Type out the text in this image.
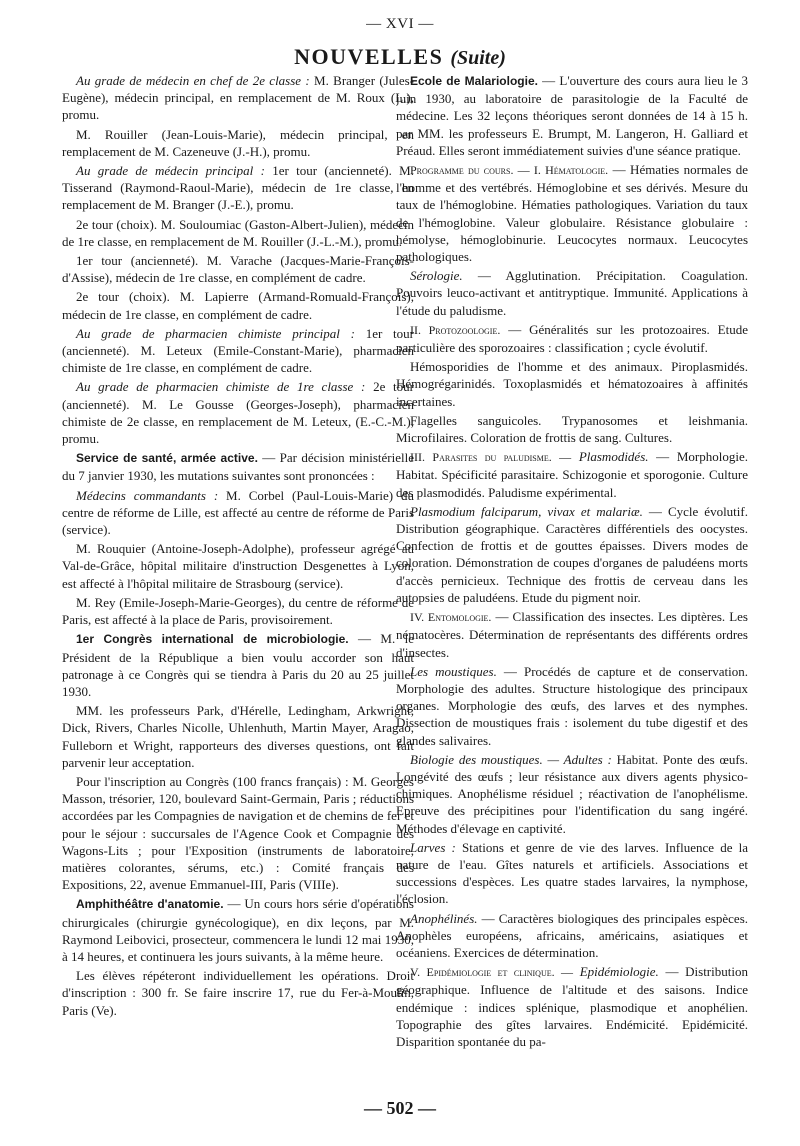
— XVI —
NOUVELLES (Suite)

Au grade de médecin en chef de 2e classe : M. Branger (Jules-Eugène), médecin principal, en remplacement de M. Roux (L.), promu.

M. Rouiller (Jean-Louis-Marie), médecin principal, en remplacement de M. Cazeneuve (J.-H.), promu.

Au grade de médecin principal : 1er tour (ancienneté). M. Tisserand (Raymond-Raoul-Marie), médecin de 1re classe, en remplacement de M. Branger (J.-E.), promu.

2e tour (choix). M. Souloumiac (Gaston-Albert-Julien), médecin de 1re classe, en remplacement de M. Rouiller (J.-L.-M.), promu.

1er tour (ancienneté). M. Varache (Jacques-Marie-François-d'Assise), médecin de 1re classe, en complément de cadre.

2e tour (choix). M. Lapierre (Armand-Romuald-François), médecin de 1re classe, en complément de cadre.

Au grade de pharmacien chimiste principal : 1er tour (ancienneté). M. Leteux (Emile-Constant-Marie), pharmacien chimiste de 1re classe, en complément de cadre.

Au grade de pharmacien chimiste de 1re classe : 2e tour (ancienneté). M. Le Gousse (Georges-Joseph), pharmacien chimiste de 2e classe, en remplacement de M. Leteux, (E.-C.-M.), promu.

Service de santé, armée active. — Par décision ministérielle du 7 janvier 1930, les mutations suivantes sont prononcées :

Médecins commandants : M. Corbel (Paul-Louis-Marie) du centre de réforme de Lille, est affecté au centre de réforme de Paris (service).

M. Rouquier (Antoine-Joseph-Adolphe), professeur agrégé au Val-de-Grâce, hôpital militaire d'instruction Desgenettes à Lyon, est affecté à l'hôpital militaire de Strasbourg (service).

M. Rey (Emile-Joseph-Marie-Georges), du centre de réforme de Paris, est affecté à la place de Paris, provisoirement.

1er Congrès international de microbiologie. — M. le Président de la République a bien voulu accorder son haut patronage à ce Congrès qui se tiendra à Paris du 20 au 25 juillet 1930.

MM. les professeurs Park, d'Hérelle, Ledingham, Arkwright, Dick, Rivers, Charles Nicolle, Uhlenhuth, Martin Mayer, Aragao, Fulleborn et Wright, rapporteurs des diverses questions, ont fait parvenir leur acceptation.

Pour l'inscription au Congrès (100 francs français) : M. Georges Masson, trésorier, 120, boulevard Saint-Germain, Paris ; réductions accordées par les Compagnies de navigation et de chemins de fer et pour le séjour : succursales de l'Agence Cook et Compagnie des Wagons-Lits ; pour l'Exposition (instruments de laboratoire, matières colorantes, sérums, etc.) : Comité français des Expositions, 22, avenue Emmanuel-III, Paris (VIIIe).

Amphithéâtre d'anatomie. — Un cours hors série d'opérations chirurgicales (chirurgie gynécologique), en dix leçons, par M. Raymond Leibovici, prosecteur, commencera le lundi 12 mai 1930, à 14 heures, et continuera les jours suivants, à la même heure.

Les élèves répéteront individuellement les opérations. Droit d'inscription : 300 fr. Se faire inscrire 17, rue du Fer-à-Moulin, Paris (Ve).

Ecole de Malariologie. — L'ouverture des cours aura lieu le 3 juin 1930, au laboratoire de parasitologie de la Faculté de médecine. Les 32 leçons théoriques seront données de 14 à 15 h. par MM. les professeurs E. Brumpt, M. Langeron, H. Galliard et Préaud. Elles seront immédiatement suivies d'une séance pratique.

Programme du cours. — I. Hématologie. — Hématies normales de l'homme et des vertébrés. Hémoglobine et ses dérivés. Mesure du taux de l'hémoglobine. Hématies pathologiques. Variation du taux de l'hémoglobine. Valeur globulaire. Résistance globulaire : hémolyse, hémoglobinurie. Leucocytes normaux. Leucocytes pathologiques.

Sérologie. — Agglutination. Précipitation. Coagulation. Pouvoirs leuco-activant et antitryptique. Immunité. Applications à l'étude du paludisme.

II. Protozoologie. — Généralités sur les protozoaires. Etude particulière des sporozoaires : classification ; cycle évolutif.

Hémosporidies de l'homme et des animaux. Piroplasmidés. Hémogrégarinidés. Toxoplasmidés et hématozoaires à affinités incertaines.

Flagelles sanguicoles. Trypanosomes et leishmania. Microfilaires. Coloration de frottis de sang. Cultures.

III. Parasites du paludisme. — Plasmodidés. — Morphologie. Habitat. Spécificité parasitaire. Schizogonie et sporogonie. Culture des plasmodidés. Paludisme expérimental.

Plasmodium falciparum, vivax et malariæ. — Cycle évolutif. Distribution géographique. Caractères différentiels des oocystes. Confection de frottis et de gouttes épaisses. Divers modes de coloration. Démonstration de coupes d'organes de paludéens morts d'accès pernicieux. Technique des frottis de cerveau dans les autopsies de paludéens. Etude du pigment noir.

IV. Entomologie. — Classification des insectes. Les diptères. Les nématocères. Détermination de représentants des différents ordres d'insectes.

Les moustiques. — Procédés de capture et de conservation. Morphologie des adultes. Structure histologique des principaux organes. Morphologie des œufs, des larves et des nymphes. Dissection de moustiques frais : isolement du tube digestif et des glandes salivaires.

Biologie des moustiques. — Adultes : Habitat. Ponte des œufs. Longévité des œufs ; leur résistance aux divers agents physico-chimiques. Anophélisme résiduel ; réactivation de l'anophélisme. Epreuve des précipitines pour l'identification du sang ingéré. Méthodes d'élevage en captivité.

Larves : Stations et genre de vie des larves. Influence de la nature de l'eau. Gîtes naturels et artificiels. Associations et successions d'espèces. Les quatre stades larvaires, la nymphose, l'éclosion.

Anophélinés. — Caractères biologiques des principales espèces. Anophèles européens, africains, américains, asiatiques et océaniens. Exercices de détermination.

V. Epidémiologie et clinique. — Epidémiologie. — Distribution géographique. Influence de l'altitude et des saisons. Indice endémique : indices splénique, plasmodique et anophélien. Topographie des gîtes larvaires. Endémicité. Epidémicité. Disparition spontanée du pa-

— 502 —
